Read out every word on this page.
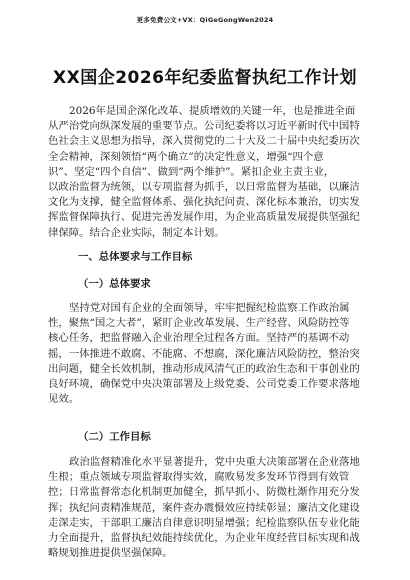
更多免费公文+VX：QiGeGongWen2024
XX国企2026年纪委监督执纪工作计划
2026年是国企深化改革、提质增效的关键一年，也是推进全面
从严治党向纵深发展的重要节点。公司纪委将以习近平新时代中国特
色社会主义思想为指导，深入贯彻党的二十大及二十届中央纪委历次
全会精神，深刻领悟“两个确立”的决定性意义，增强“四个意
识”、坚定“四个自信”、做到“两个维护”。紧扣企业主责主业，
以政治监督为统领，以专项监督为抓手，以日常监督为基础，以廉洁
文化为支撑，健全监督体系、强化执纪问责、深化标本兼治，切实发
挥监督保障执行、促进完善发展作用，为企业高质量发展提供坚强纪
律保障。结合企业实际，制定本计划。
一、总体要求与工作目标
（一）总体要求
坚持党对国有企业的全面领导，牢牢把握纪检监察工作政治属
性，聚焦“国之大者”，紧盯企业改革发展、生产经营、风险防控等
核心任务，把监督融入企业治理全过程各方面。坚持严的基调不动
摇，一体推进不敢腐、不能腐、不想腐，深化廉洁风险防控，整治突
出问题，健全长效机制，推动形成风清气正的政治生态和干事创业的
良好环境，确保党中央决策部署及上级党委、公司党委工作要求落地
见效。
（二）工作目标
政治监督精准化水平显著提升，党中央重大决策部署在企业落地
生根；重点领域专项监督取得实效，腐败易发多发环节得到有效管
控；日常监督常态化机制更加健全，抓早抓小、防微杜渐作用充分发
挥；执纪问责精准规范，案件查办震慑效应持续彰显；廉洁文化建设
走深走实，干部职工廉洁自律意识明显增强；纪检监察队伍专业化能
力全面提升，监督执纪效能持续优化，为企业年度经营目标实现和战
略规划推进提供坚强保障。
